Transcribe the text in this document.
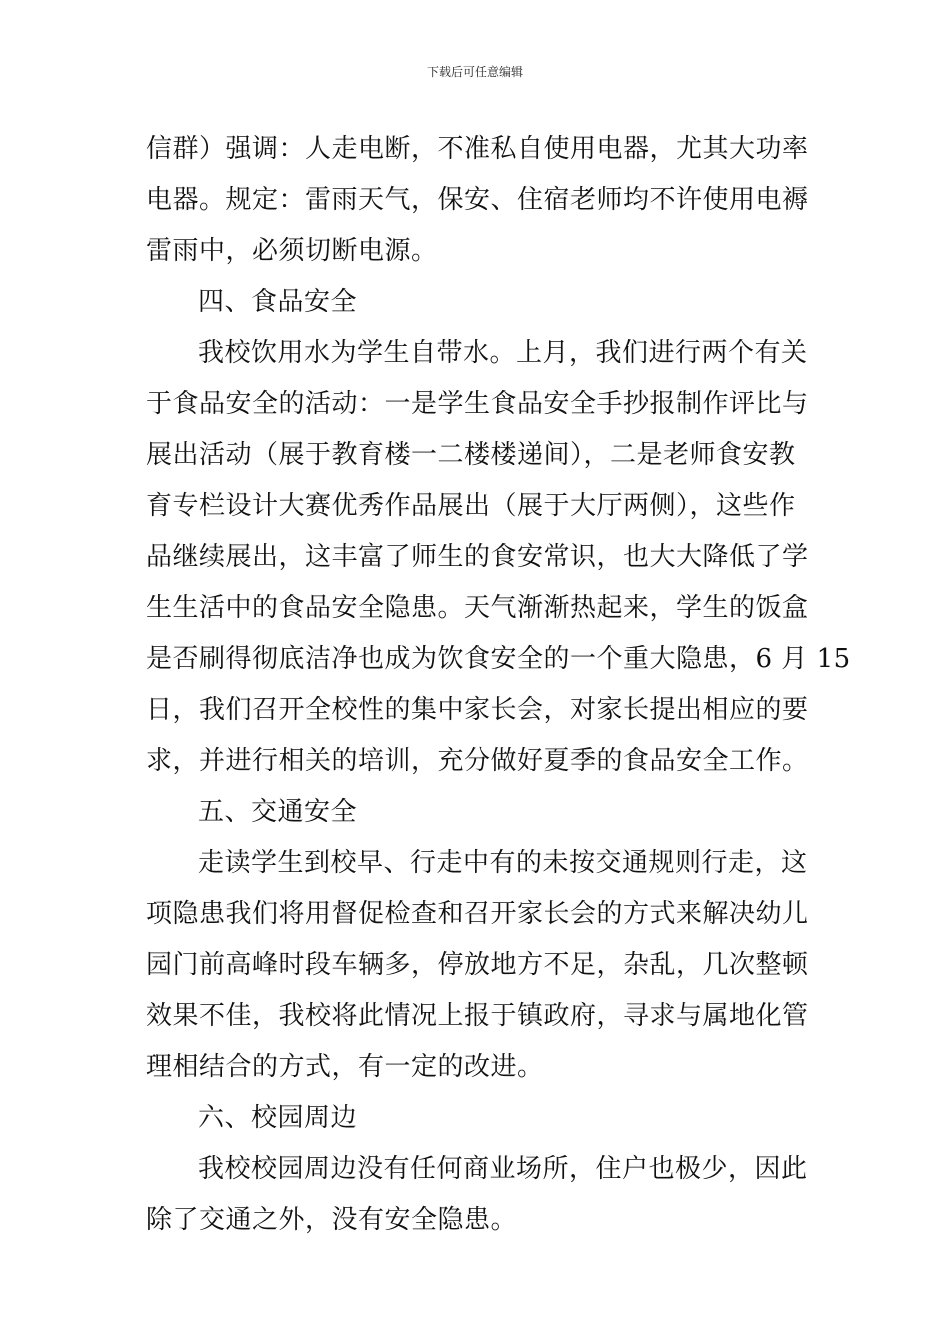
下载后可任意编辑
信群）强调：人走电断，不准私自使用电器，尤其大功率
电器。规定：雷雨天气，保安、住宿老师均不许使用电褥
雷雨中，必须切断电源。
四、食品安全
我校饮用水为学生自带水。上月，我们进行两个有关
于食品安全的活动：一是学生食品安全手抄报制作评比与
展出活动（展于教育楼一二楼楼递间），二是老师食安教
育专栏设计大赛优秀作品展出（展于大厅两侧），这些作
品继续展出，这丰富了师生的食安常识，也大大降低了学
生生活中的食品安全隐患。天气渐渐热起来，学生的饭盒
是否刷得彻底洁净也成为饮食安全的一个重大隐患，6 月 15
日，我们召开全校性的集中家长会，对家长提出相应的要
求，并进行相关的培训，充分做好夏季的食品安全工作。
五、交通安全
走读学生到校早、行走中有的未按交通规则行走，这
项隐患我们将用督促检查和召开家长会的方式来解决幼儿
园门前高峰时段车辆多，停放地方不足，杂乱，几次整顿
效果不佳，我校将此情况上报于镇政府，寻求与属地化管
理相结合的方式，有一定的改进。
六、校园周边
我校校园周边没有任何商业场所，住户也极少，因此
除了交通之外，没有安全隐患。
